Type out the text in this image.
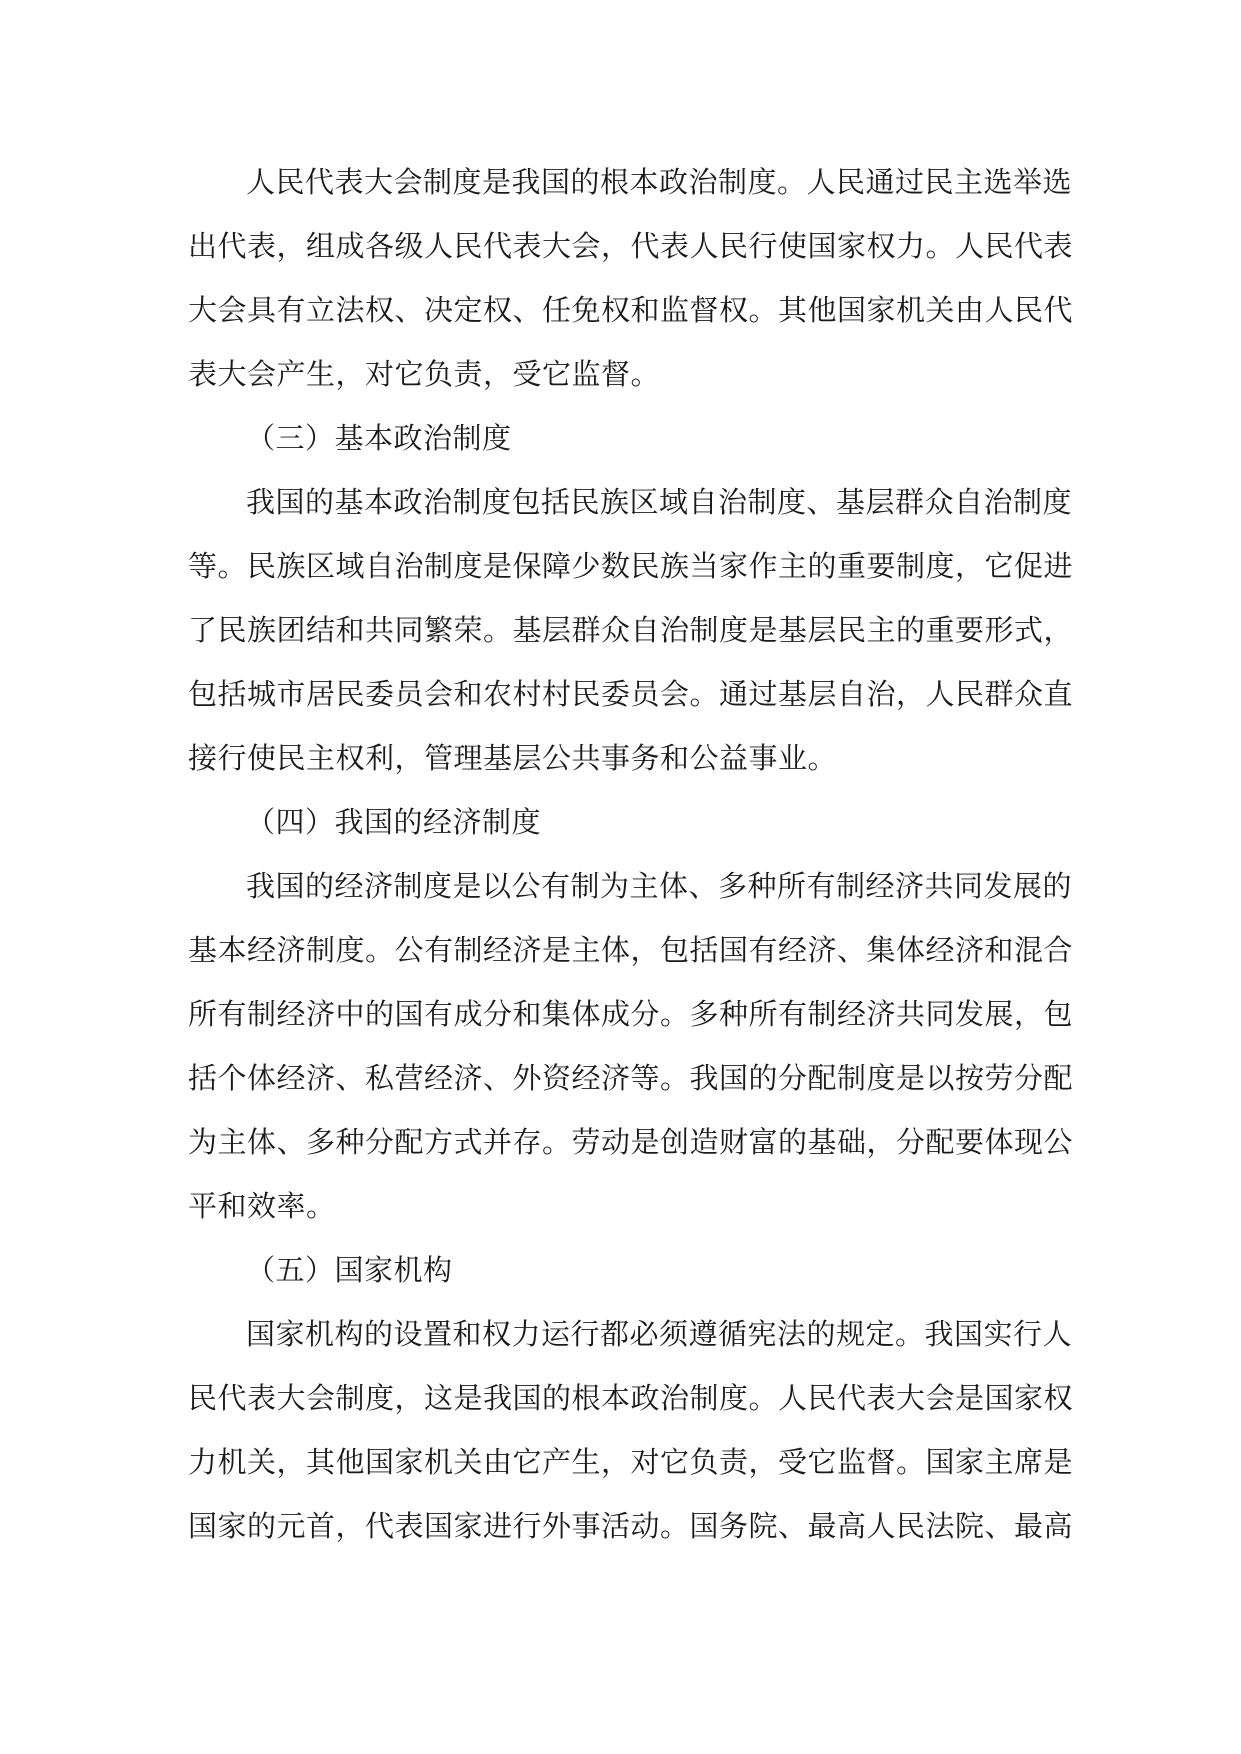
人民代表大会制度是我国的根本政治制度。人民通过民主选举选
出代表，组成各级人民代表大会，代表人民行使国家权力。人民代表
大会具有立法权、决定权、任免权和监督权。其他国家机关由人民代
表大会产生，对它负责，受它监督。
（三）基本政治制度
我国的基本政治制度包括民族区域自治制度、基层群众自治制度
等。民族区域自治制度是保障少数民族当家作主的重要制度，它促进
了民族团结和共同繁荣。基层群众自治制度是基层民主的重要形式，
包括城市居民委员会和农村村民委员会。通过基层自治，人民群众直
接行使民主权利，管理基层公共事务和公益事业。
（四）我国的经济制度
我国的经济制度是以公有制为主体、多种所有制经济共同发展的
基本经济制度。公有制经济是主体，包括国有经济、集体经济和混合
所有制经济中的国有成分和集体成分。多种所有制经济共同发展，包
括个体经济、私营经济、外资经济等。我国的分配制度是以按劳分配
为主体、多种分配方式并存。劳动是创造财富的基础，分配要体现公
平和效率。
（五）国家机构
国家机构的设置和权力运行都必须遵循宪法的规定。我国实行人
民代表大会制度，这是我国的根本政治制度。人民代表大会是国家权
力机关，其他国家机关由它产生，对它负责，受它监督。国家主席是
国家的元首，代表国家进行外事活动。国务院、最高人民法院、最高
